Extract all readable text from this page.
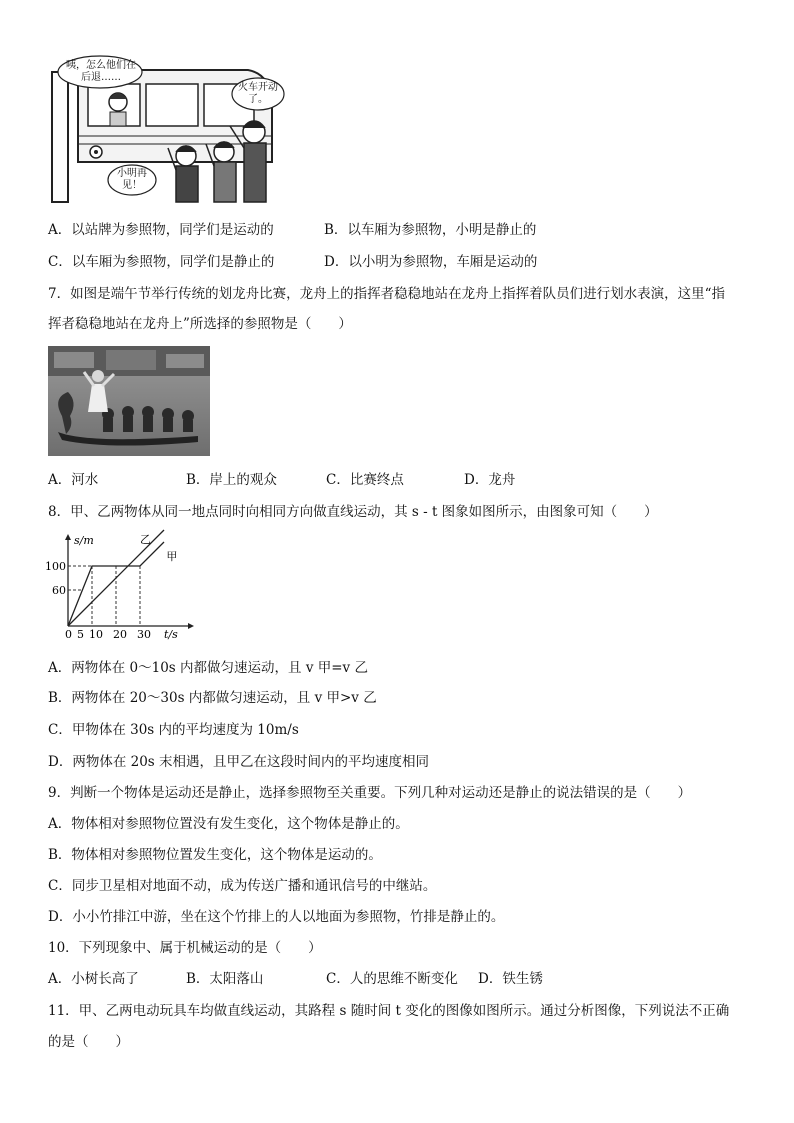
咦，怎么他们在后退……
火车开动了。
小明再见！
A．以站牌为参照物，同学们是运动的	B．以车厢为参照物，小明是静止的
C．以车厢为参照物，同学们是静止的	D．以小明为参照物，车厢是运动的
7．如图是端午节举行传统的划龙舟比赛，龙舟上的指挥者稳稳地站在龙舟上指挥着队员们进行划水表演，这里“指
挥者稳稳地站在龙舟上”所选择的参照物是（　　）
A．河水	B．岸上的观众	C．比赛终点	D．龙舟
8．甲、乙两物体从同一地点同时向相同方向做直线运动，其 s - t 图象如图所示，由图象可知（　　）
s/m
t/s
甲
乙
0 5 10 20 30
60
100
A．两物体在 0～10s 内都做匀速运动，且 v 甲=v 乙
B．两物体在 20～30s 内都做匀速运动，且 v 甲>v 乙
C．甲物体在 30s 内的平均速度为 10m/s
D．两物体在 20s 末相遇，且甲乙在这段时间内的平均速度相同
9．判断一个物体是运动还是静止，选择参照物至关重要。下列几种对运动还是静止的说法错误的是（　　）
A．物体相对参照物位置没有发生变化，这个物体是静止的。
B．物体相对参照物位置发生变化，这个物体是运动的。
C．同步卫星相对地面不动，成为传送广播和通讯信号的中继站。
D．小小竹排江中游，坐在这个竹排上的人以地面为参照物，竹排是静止的。
10．下列现象中、属于机械运动的是（　　）
A．小树长高了	B．太阳落山	C．人的思维不断变化 D．铁生锈
11．甲、乙两电动玩具车均做直线运动，其路程 s 随时间 t 变化的图像如图所示。通过分析图像，下列说法不正确
的是（　　）
